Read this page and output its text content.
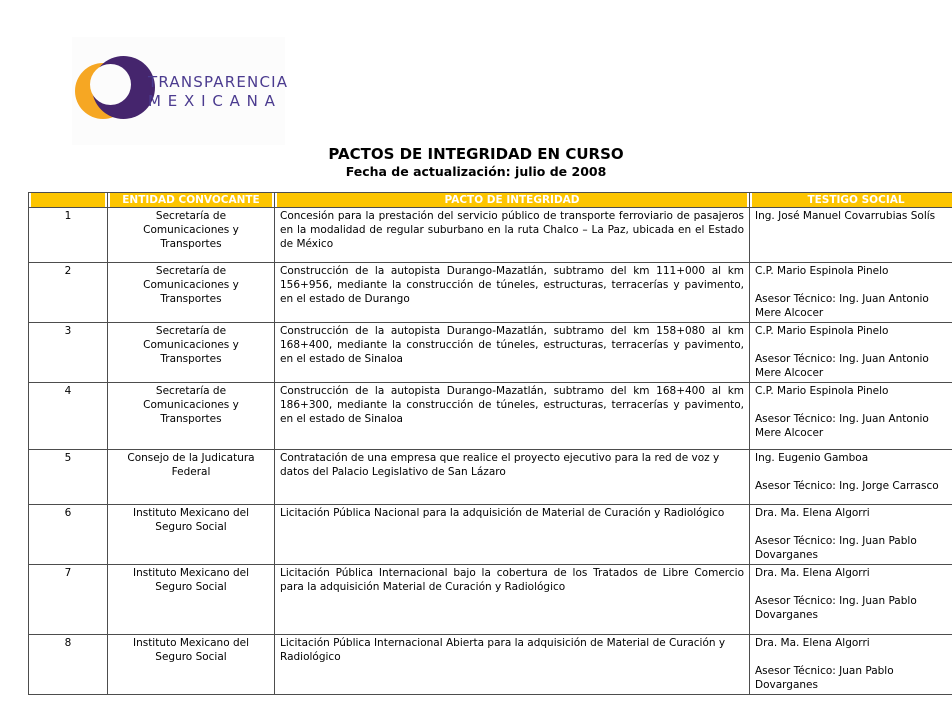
TRANSPARENCIA
MEXICANA
PACTOS DE INTEGRIDAD EN CURSO
Fecha de actualización: julio de 2008
	ENTIDAD CONVOCANTE	PACTO DE INTEGRIDAD	TESTIGO SOCIAL
1	Secretaría de Comunicaciones y Transportes	Concesión para la prestación del servicio público de transporte ferroviario de pasajeros en la modalidad de regular suburbano en la ruta Chalco – La Paz, ubicada en el Estado de México	Ing. José Manuel Covarrubias Solís

2	Secretaría de Comunicaciones y Transportes	Construcción de la autopista Durango-Mazatlán, subtramo del km 111+000 al km 156+956, mediante la construcción de túneles, estructuras, terracerías y pavimento, en el estado de Durango	C.P. Mario Espinola Pinelo

Asesor Técnico: Ing. Juan Antonio Mere Alcocer

3	Secretaría de Comunicaciones y Transportes	Construcción de la autopista Durango-Mazatlán, subtramo del km 158+080 al km 168+400, mediante la construcción de túneles, estructuras, terracerías y pavimento, en el estado de Sinaloa	C.P. Mario Espinola Pinelo

Asesor Técnico: Ing. Juan Antonio Mere Alcocer

4	Secretaría de Comunicaciones y Transportes	Construcción de la autopista Durango-Mazatlán, subtramo del km 168+400 al km 186+300, mediante la construcción de túneles, estructuras, terracerías y pavimento, en el estado de Sinaloa	C.P. Mario Espinola Pinelo

Asesor Técnico: Ing. Juan Antonio Mere Alcocer

5	Consejo de la Judicatura Federal	Contratación de una empresa que realice el proyecto ejecutivo para la red de voz y datos del Palacio Legislativo de San Lázaro	Ing. Eugenio Gamboa

Asesor Técnico: Ing. Jorge Carrasco

6	Instituto Mexicano del Seguro Social	Licitación Pública Nacional para la adquisición de Material de Curación y Radiológico	Dra. Ma. Elena Algorri

Asesor Técnico: Ing. Juan Pablo Dovarganes

7	Instituto Mexicano del Seguro Social	Licitación Pública Internacional bajo la cobertura de los Tratados de Libre Comercio para la adquisición Material de Curación y Radiológico	Dra. Ma. Elena Algorri

Asesor Técnico: Ing. Juan Pablo Dovarganes

8	Instituto Mexicano del Seguro Social	Licitación Pública Internacional Abierta para la adquisición de Material de Curación y Radiológico	Dra. Ma. Elena Algorri

Asesor Técnico: Juan Pablo Dovarganes
